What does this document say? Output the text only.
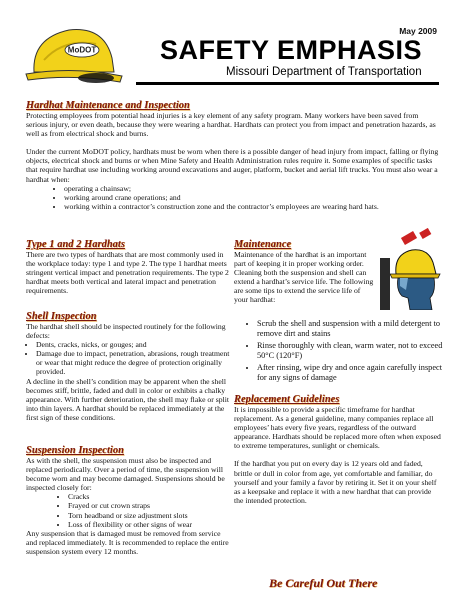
MoDOT
May 2009
SAFETY EMPHASIS
Missouri Department of Transportation
Hardhat Maintenance and Inspection

Protecting employees from potential head injuries is a key element of any safety program. Many workers have been saved from serious injury, or even death, because they were wearing a hardhat. Hardhats can protect you from impact and penetration hazards, as well as from electrical shock and burns.

Under the current MoDOT policy, hardhats must be worn when there is a possible danger of head injury from impact, falling or flying objects, electrical shock and burns or when Mine Safety and Health Administration rules require it. Some examples of specific tasks that require hardhat use including working around excavations and auger, platform, bucket and aerial lift trucks. You must also wear a hardhat when:

• operating a chainsaw;
• working around crane operations; and
• working within a contractor’s construction zone and the contractor’s employees are wearing hard hats.
Type 1 and 2 Hardhats

There are two types of hardhats that are most commonly used in the workplace today: type 1 and type 2. The type 1 hardhat meets stringent vertical impact and penetration requirements. The type 2 hardhat meets both vertical and lateral impact and penetration requirements.

Shell Inspection

The hardhat shell should be inspected routinely for the following defects:

• Dents, cracks, nicks, or gouges; and
• Damage due to impact, penetration, abrasions, rough treatment or wear that might reduce the degree of protection originally provided.

A decline in the shell’s condition may be apparent when the shell becomes stiff, brittle, faded and dull in color or exhibits a chalky appearance. With further deterioration, the shell may flake or split into thin layers. A hardhat should be replaced immediately at the first sign of these conditions.

Suspension Inspection

As with the shell, the suspension must also be inspected and replaced periodically. Over a period of time, the suspension will become worn and may become damaged. Suspensions should be inspected closely for:

• Cracks
• Frayed or cut crown straps
• Torn headband or size adjustment slots
• Loss of flexibility or other signs of wear

Any suspension that is damaged must be removed from service and replaced immediately. It is recommended to replace the entire suspension system every 12 months.

Maintenance

Maintenance of the hardhat is an important part of keeping it in proper working order. Cleaning both the suspension and shell can extend a hardhat’s service life. The following are some tips to extend the service life of your hardhat:

• Scrub the shell and suspension with a mild detergent to remove dirt and stains
• Rinse thoroughly with clean, warm water, not to exceed 50°C (120°F)
• After rinsing, wipe dry and once again carefully inspect for any signs of damage
Replacement Guidelines

It is impossible to provide a specific timeframe for hardhat replacement. As a general guideline, many companies replace all employees’ hats every five years, regardless of the outward appearance. Hardhats should be replaced more often when exposed to extreme temperatures, sunlight or chemicals.

If the hardhat you put on every day is 12 years old and faded, brittle or dull in color from age, yet comfortable and familiar, do yourself and your family a favor by retiring it. Set it on your shelf as a keepsake and replace it with a new hardhat that can provide the intended protection.

Be Careful Out There
